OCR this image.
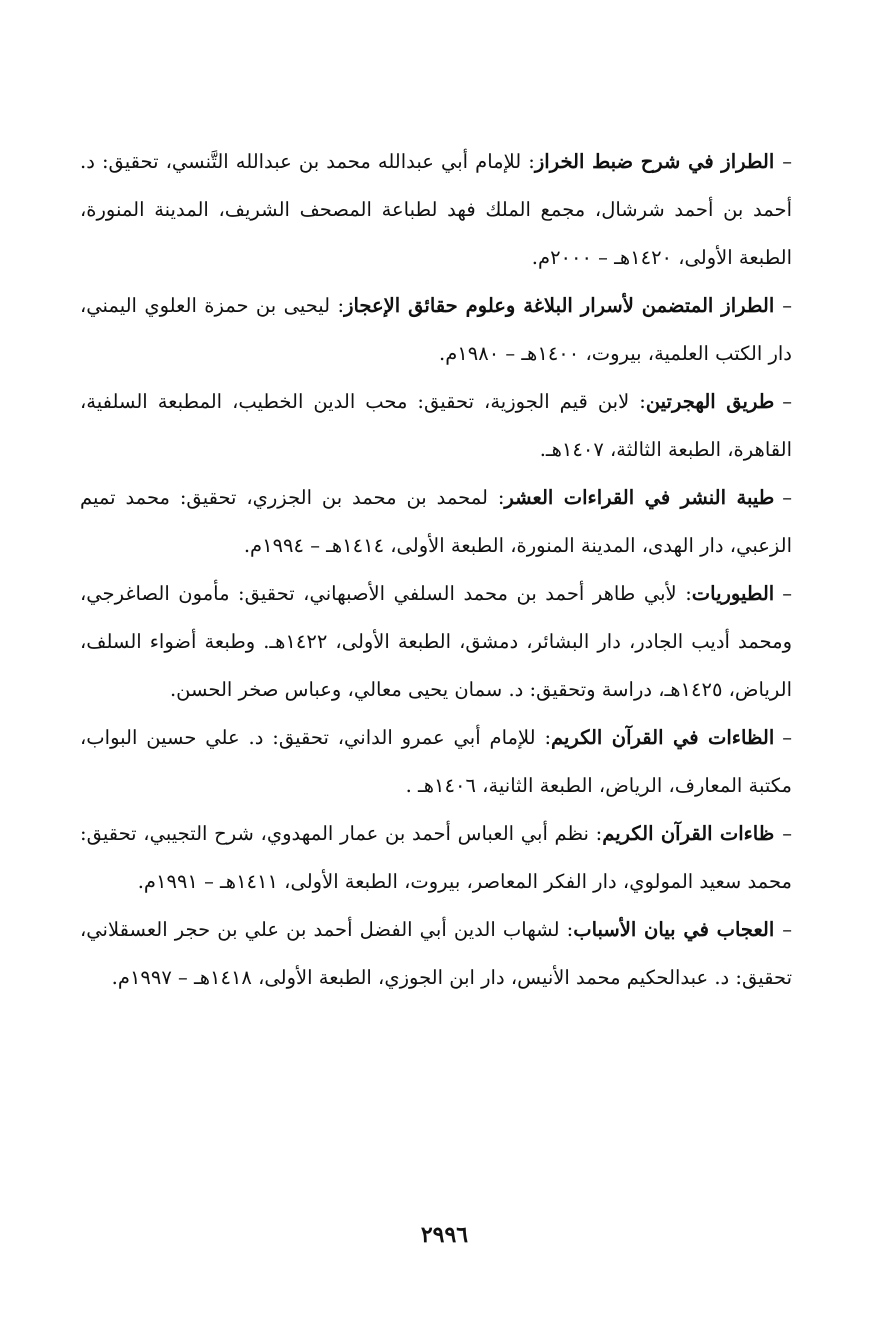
–الطراز في شرح ضبط الخراز: للإمام أبي عبدالله محمد بن عبدالله التَّنسي، تحقيق: د. أحمد بن أحمد شرشال، مجمع الملك فهد لطباعة المصحف الشريف، المدينة المنورة، الطبعة الأولى، ١٤٢٠هـ – ٢٠٠٠م.

–الطراز المتضمن لأسرار البلاغة وعلوم حقائق الإعجاز: ليحيى بن حمزة العلوي اليمني، دار الكتب العلمية، بيروت، ١٤٠٠هـ – ١٩٨٠م.

–طريق الهجرتين: لابن قيم الجوزية، تحقيق: محب الدين الخطيب، المطبعة السلفية، القاهرة، الطبعة الثالثة، ١٤٠٧هـ.

–طيبة النشر في القراءات العشر: لمحمد بن محمد بن الجزري، تحقيق: محمد تميم الزعبي، دار الهدى، المدينة المنورة، الطبعة الأولى، ١٤١٤هـ – ١٩٩٤م.

–الطيوريات: لأبي طاهر أحمد بن محمد السلفي الأصبهاني، تحقيق: مأمون الصاغرجي، ومحمد أديب الجادر، دار البشائر، دمشق، الطبعة الأولى، ١٤٢٢هـ. وطبعة أضواء السلف، الرياض، ١٤٢٥هـ، دراسة وتحقيق: د. سمان يحيى معالي، وعباس صخر الحسن.

–الظاءات في القرآن الكريم: للإمام أبي عمرو الداني، تحقيق: د. علي حسين البواب، مكتبة المعارف، الرياض، الطبعة الثانية، ١٤٠٦هـ .

–ظاءات القرآن الكريم: نظم أبي العباس أحمد بن عمار المهدوي، شرح التجيبي، تحقيق: محمد سعيد المولوي، دار الفكر المعاصر، بيروت، الطبعة الأولى، ١٤١١هـ – ١٩٩١م.

–العجاب في بيان الأسباب: لشهاب الدين أبي الفضل أحمد بن علي بن حجر العسقلاني، تحقيق: د. عبدالحكيم محمد الأنيس، دار ابن الجوزي، الطبعة الأولى، ١٤١٨هـ – ١٩٩٧م.

٢٩٩٦
